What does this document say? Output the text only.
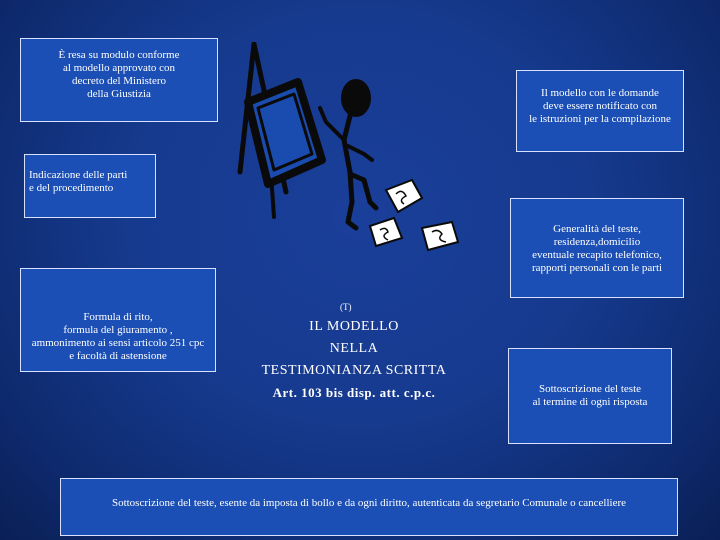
È resa su modulo conforme
al modello approvato con
decreto del Ministero
della Giustizia	Il modello con le domande
deve essere notificato con
le istruzioni per la compilazione
Indicazione delle parti
e del procedimento
Generalità del teste,
residenza,domicilio
eventuale recapito telefonico,
rapporti personali con le parti
Formula di rito,
formula del giuramento ,
ammonimento ai sensi articolo 251 cpc
e facoltà di astensione
Sottoscrizione del teste
al termine di ogni risposta
Sottoscrizione del teste, esente da imposta di bollo e da ogni diritto, autenticata da segretario Comunale o cancelliere
(T)
IL MODELLO
NELLA
TESTIMONIANZA SCRITTA
Art. 103 bis disp. att. c.p.c.
